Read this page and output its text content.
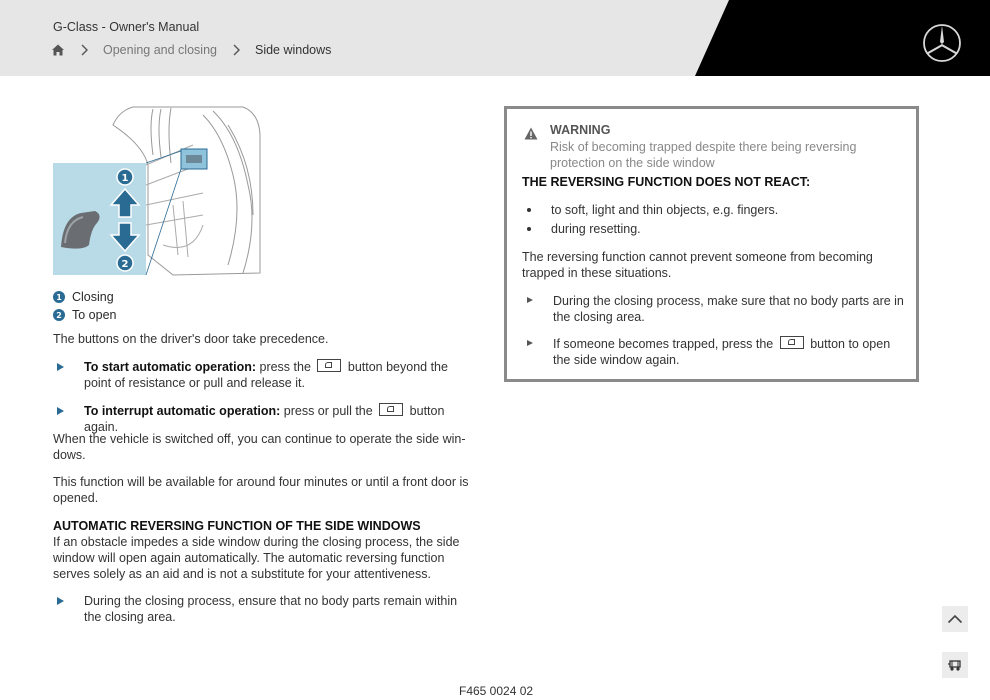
G-Class - Owner's Manual
Opening and closing	Side windows
1
2
1 Closing
2 To open
The buttons on the driver's door take precedence.
To start automatic operation: press the  button beyond the point of resistance or pull and release it.
To interrupt automatic operation: press or pull the  button again.
When the vehicle is switched off, you can continue to operate the side win-dows.
This function will be available for around four minutes or until a front door is opened.
AUTOMATIC REVERSING FUNCTION OF THE SIDE WINDOWS
If an obstacle impedes a side window during the closing process, the side window will open again automatically. The automatic reversing function serves solely as an aid and is not a substitute for your attentiveness.
During the closing process, ensure that no body parts remain within the closing area.
WARNING
Risk of becoming trapped despite there being reversing protection on the side window
THE REVERSING FUNCTION DOES NOT REACT:
to soft, light and thin objects, e.g. fingers.
during resetting.
The reversing function cannot prevent someone from becoming trapped in these situations.
During the closing process, make sure that no body parts are in the closing area.
If someone becomes trapped, press the  button to open the side window again.
F465 0024 02
